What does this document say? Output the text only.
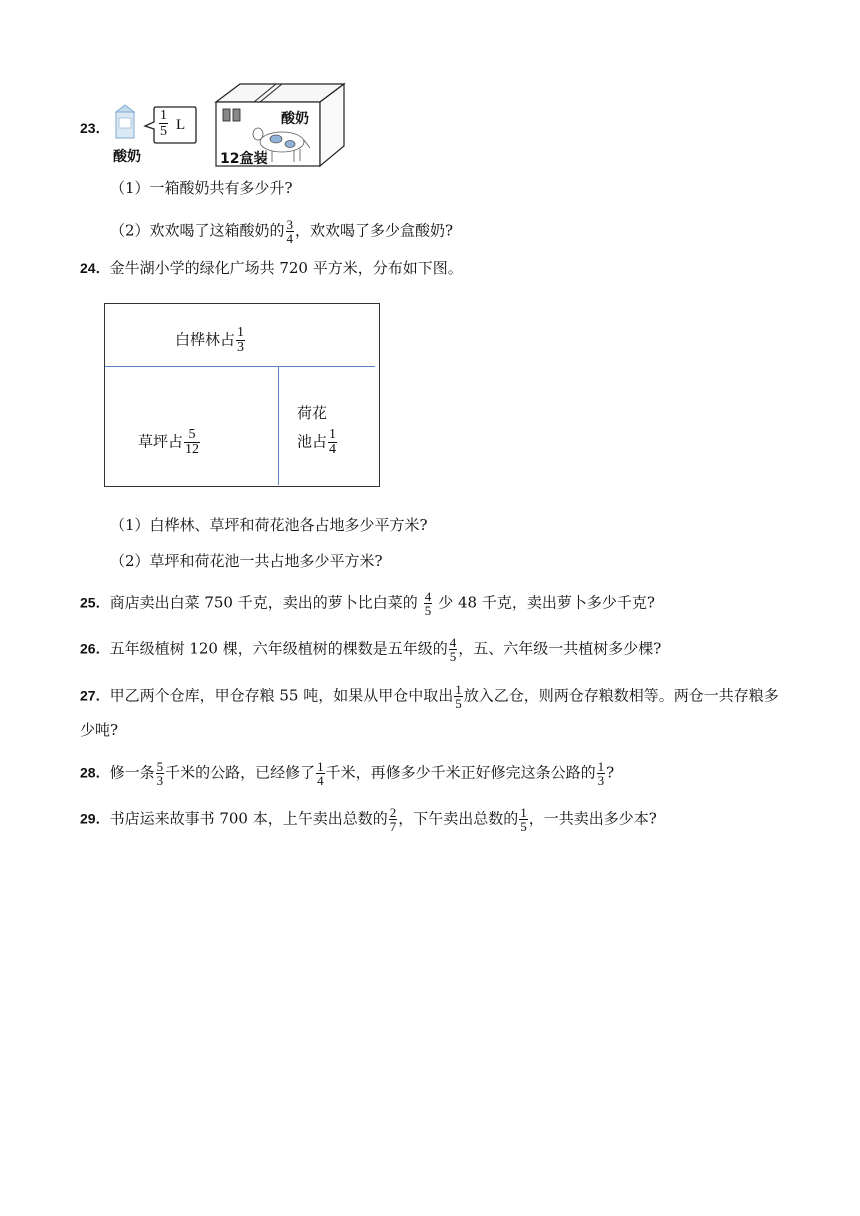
23．
酸奶
$\frac{1}{5}$ L	酸奶
12盒装
（1）一箱酸奶共有多少升?
（2）欢欢喝了这箱酸奶的 $\frac{3}{4}$ ，欢欢喝了多少盒酸奶?
24．金牛湖小学的绿化广场共 720 平方米，分布如下图。
白桦林占 $\frac{1}{3}$
草坪占 $\frac{5}{12}$
荷花
池占 $\frac{1}{4}$
（1）白桦林、草坪和荷花池各占地多少平方米?
（2）草坪和荷花池一共占地多少平方米?
25．商店卖出白菜 750 千克，卖出的萝卜比白菜的 $\frac{4}{5}$ 少 48 千克，卖出萝卜多少千克?
26．五年级植树 120 棵，六年级植树的棵数是五年级的 $\frac{4}{5}$ ，五、六年级一共植树多少棵?
27．甲乙两个仓库，甲仓存粮 55 吨，如果从甲仓中取出 $\frac{1}{5}$ 放入乙仓，则两仓存粮数相等。两仓一共存粮多
少吨?
28．修一条 $\frac{5}{3}$ 千米的公路，已经修了 $\frac{1}{4}$ 千米，再修多少千米正好修完这条公路的 $\frac{1}{3}$ ?
29．书店运来故事书 700 本，上午卖出总数的 $\frac{2}{7}$ ，下午卖出总数的 $\frac{1}{5}$ ，一共卖出多少本?
